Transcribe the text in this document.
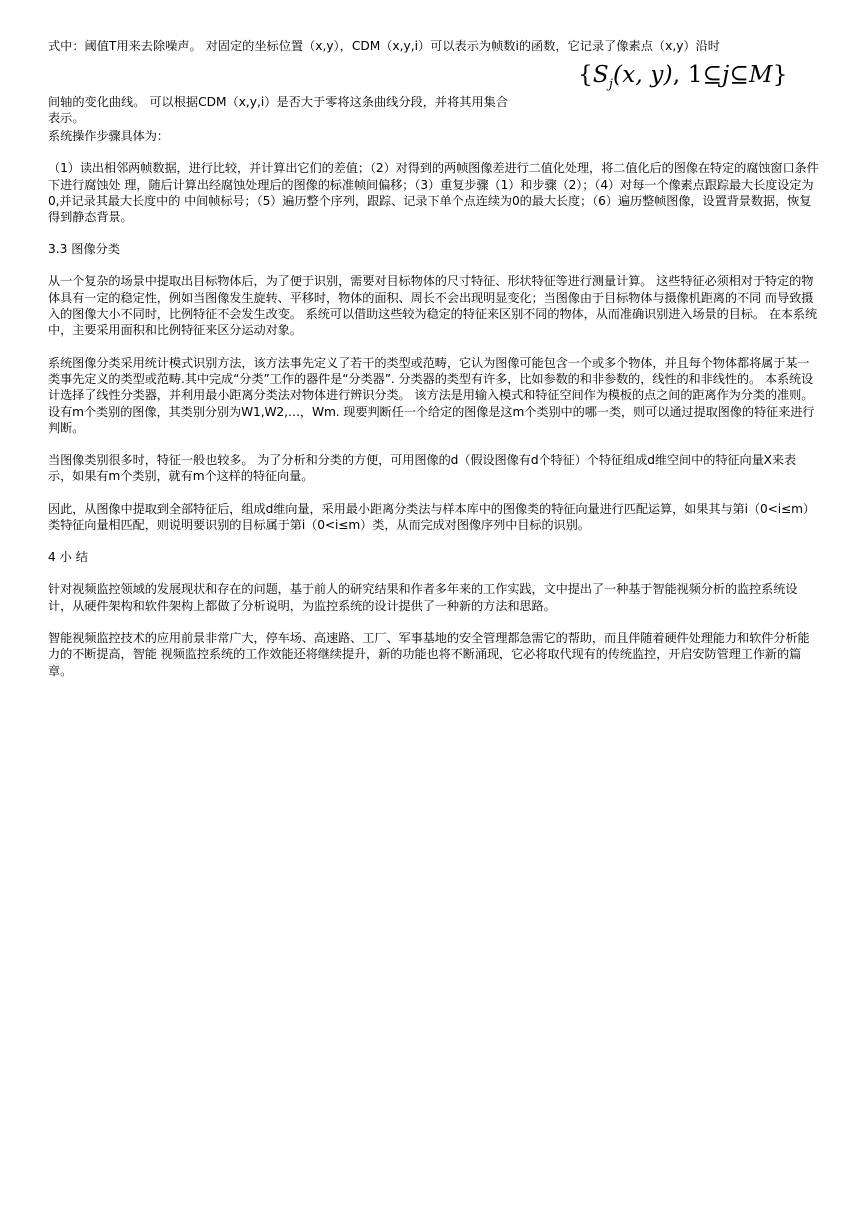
式中：阈值T用来去除噪声。 对固定的坐标位置（x,y），CDM（x,y,i）可以表示为帧数i的函数，它记录了像素点（x,y）沿时

{$S_j(x$, y), 1⊆j⊆M}

间轴的变化曲线。 可以根据CDM（x,y,i）是否大于零将这条曲线分段，并将其用集合
表示。

系统操作步骤具体为：

（1）读出相邻两帧数据，进行比较，并计算出它们的差值；（2）对得到的两帧图像差进行二值化处理，将二值化后的图像在特定的腐蚀窗口条件下进行腐蚀处 理，随后计算出经腐蚀处理后的图像的标准帧间偏移；（3）重复步骤（1）和步骤（2）；（4）对每一个像素点跟踪最大长度设定为0,并记录其最大长度中的 中间帧标号；（5）遍历整个序列，跟踪、记录下单个点连续为0的最大长度；（6）遍历整帧图像，设置背景数据，恢复得到静态背景。

3.3 图像分类

从一个复杂的场景中提取出目标物体后，为了便于识别，需要对目标物体的尺寸特征、形状特征等进行测量计算。 这些特征必须相对于特定的物体具有一定的稳定性，例如当图像发生旋转、平移时，物体的面积、周长不会出现明显变化；当图像由于目标物体与摄像机距离的不同 而导致摄入的图像大小不同时，比例特征不会发生改变。 系统可以借助这些较为稳定的特征来区别不同的物体，从而准确识别进入场景的目标。 在本系统中，主要采用面积和比例特征来区分运动对象。

系统图像分类采用统计模式识别方法，该方法事先定义了若干的类型或范畴，它认为图像可能包含一个或多个物体，并且每个物体都将属于某一类事先定义的类型或范畴.其中完成“分类”工作的器件是“分类器”. 分类器的类型有许多，比如参数的和非参数的，线性的和非线性的。 本系统设计选择了线性分类器，并利用最小距离分类法对物体进行辨识分类。 该方法是用输入模式和特征空间作为模板的点之间的距离作为分类的准则。 设有m个类别的图像，其类别分别为W1,W2,…，Wm. 现要判断任一个给定的图像是这m个类别中的哪一类，则可以通过提取图像的特征来进行判断。

当图像类别很多时，特征一般也较多。 为了分析和分类的方便，可用图像的d（假设图像有d个特征）个特征组成d维空间中的特征向量X来表示，如果有m个类别，就有m个这样的特征向量。

因此，从图像中提取到全部特征后，组成d维向量，采用最小距离分类法与样本库中的图像类的特征向量进行匹配运算，如果其与第i（0<i≤m）类特征向量相匹配，则说明要识别的目标属于第i（0<i≤m）类，从而完成对图像序列中目标的识别。

4 小 结

针对视频监控领域的发展现状和存在的问题，基于前人的研究结果和作者多年来的工作实践，文中提出了一种基于智能视频分析的监控系统设计，从硬件架构和软件架构上都做了分析说明，为监控系统的设计提供了一种新的方法和思路。

智能视频监控技术的应用前景非常广大，停车场、高速路、工厂、军事基地的安全管理都急需它的帮助，而且伴随着硬件处理能力和软件分析能力的不断提高，智能 视频监控系统的工作效能还将继续提升，新的功能也将不断涌现，它必将取代现有的传统监控，开启安防管理工作新的篇章。
